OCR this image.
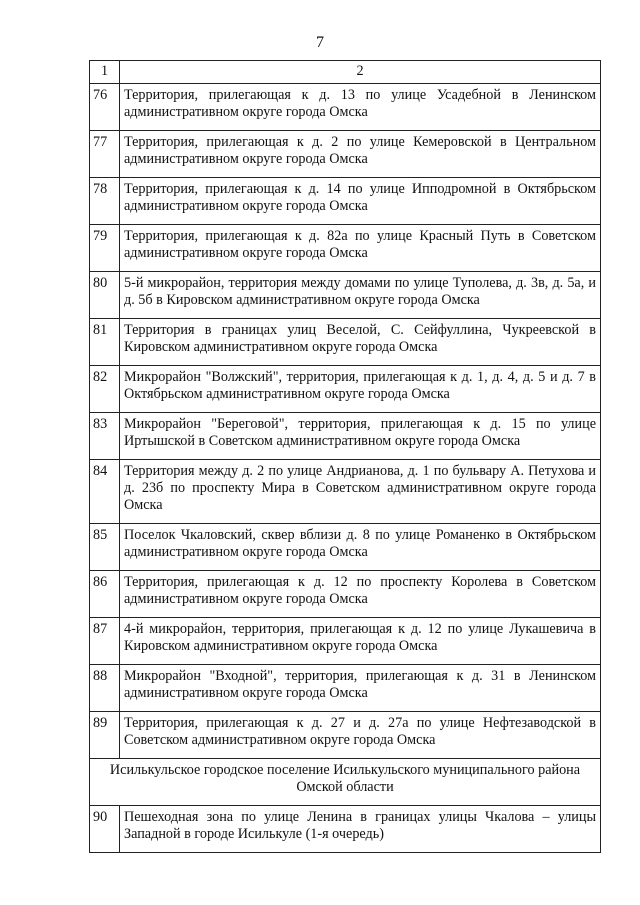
7
1	2
76	Территория, прилегающая к д. 13 по улице Усадебной в Ленинском административном округе города Омска
77	Территория, прилегающая к д. 2 по улице Кемеровской в Центральном административном округе города Омска
78	Территория, прилегающая к д. 14 по улице Ипподромной в Октябрьском административном округе города Омска
79	Территория, прилегающая к д. 82а по улице Красный Путь в Советском административном округе города Омска
80	5-й микрорайон, территория между домами по улице Туполева, д. 3в, д. 5а, и д. 5б в Кировском административном округе города Омска
81	Территория в границах улиц Веселой, С. Сейфуллина, Чукреевской в Кировском административном округе города Омска
82	Микрорайон "Волжский", территория, прилегающая к д. 1, д. 4, д. 5 и д. 7 в Октябрьском административном округе города Омска
83	Микрорайон "Береговой", территория, прилегающая к д. 15 по улице Иртышской в Советском административном округе города Омска
84	Территория между д. 2 по улице Андрианова, д. 1 по бульвару А. Петухова и д. 23б по проспекту Мира в Советском административном округе города Омска
85	Поселок Чкаловский, сквер вблизи д. 8 по улице Романенко в Октябрьском административном округе города Омска
86	Территория, прилегающая к д. 12 по проспекту Королева в Советском административном округе города Омска
87	4-й микрорайон, территория, прилегающая к д. 12 по улице Лукашевича в Кировском административном округе города Омска
88	Микрорайон "Входной", территория, прилегающая к д. 31 в Ленинском административном округе города Омска
89	Территория, прилегающая к д. 27 и д. 27а по улице Нефтезаводской в Советском административном округе города Омска
Исилькульское городское поселение Исилькульского муниципального района Омской области	
90	Пешеходная зона по улице Ленина в границах улицы Чкалова – улицы Западной в городе Исилькуле (1-я очередь)
